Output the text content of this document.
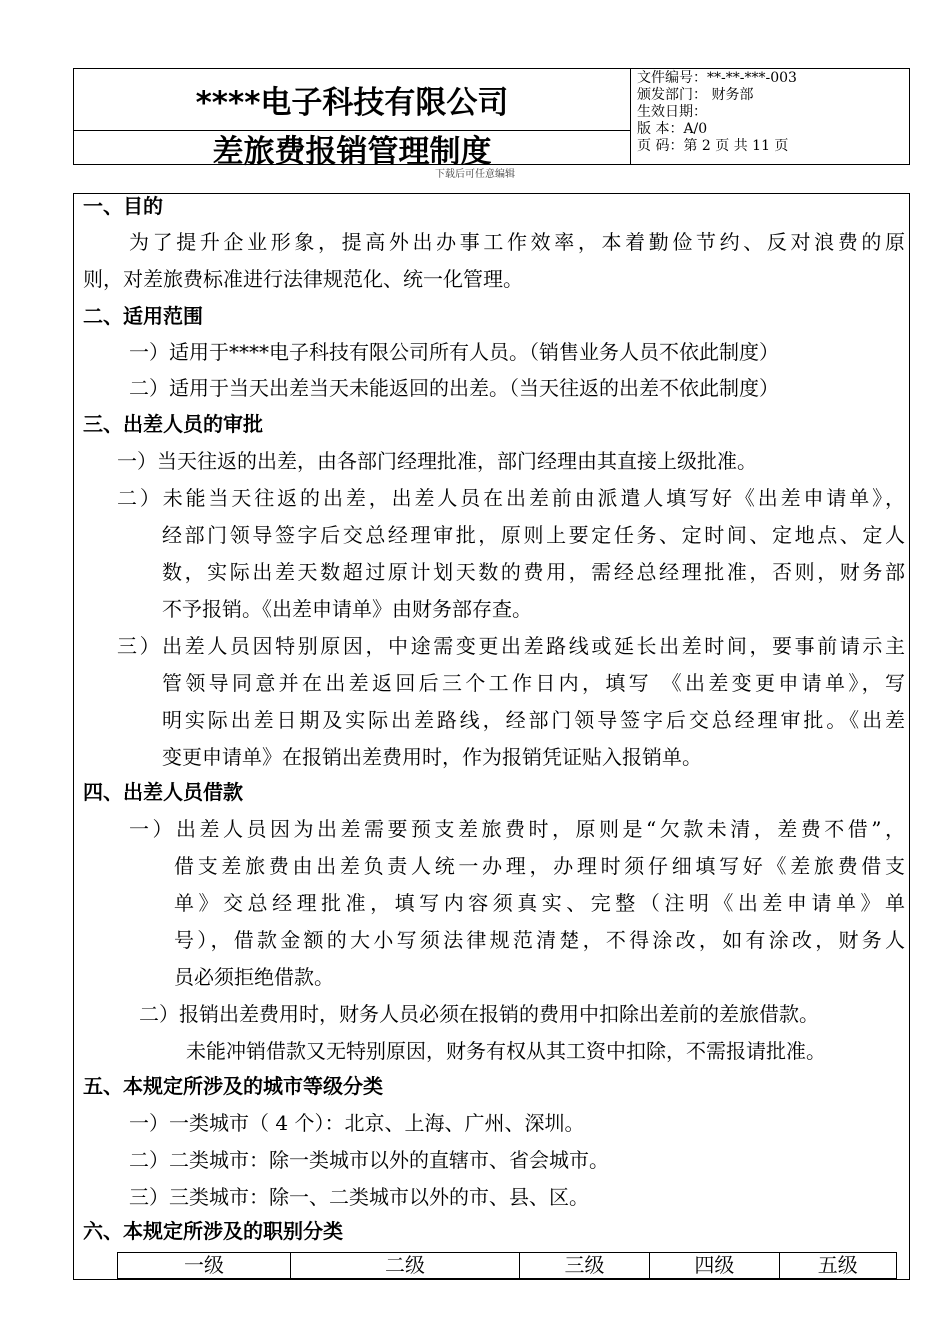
****电子科技有限公司
差旅费报销管理制度
文件编号：**-**-***-003
颁发部门： 财务部
生效日期：
版 本：A/0
页 码：第 2 页 共 11 页
下载后可任意编辑
一、目的
为了提升企业形象，提高外出办事工作效率，本着勤俭节约、反对浪费的原
则，对差旅费标准进行法律规范化、统一化管理。
二、适用范围
一）适用于****电子科技有限公司所有人员。（销售业务人员不依此制度）
二）适用于当天出差当天未能返回的出差。（当天往返的出差不依此制度）
三、出差人员的审批
一）当天往返的出差，由各部门经理批准，部门经理由其直接上级批准。
二）未能当天往返的出差，出差人员在出差前由派遣人填写好《出差申请单》，
经部门领导签字后交总经理审批，原则上要定任务、定时间、定地点、定人
数，实际出差天数超过原计划天数的费用，需经总经理批准，否则，财务部
不予报销。《出差申请单》由财务部存查。
三）出差人员因特别原因，中途需变更出差路线或延长出差时间，要事前请示主
管领导同意并在出差返回后三个工作日内，填写 《出差变更申请单》，写
明实际出差日期及实际出差路线，经部门领导签字后交总经理审批。《出差
变更申请单》在报销出差费用时，作为报销凭证贴入报销单。
四、出差人员借款
一）出差人员因为出差需要预支差旅费时，原则是“欠款未清，差费不借”，
借支差旅费由出差负责人统一办理，办理时须仔细填写好《差旅费借支
单》交总经理批准，填写内容须真实、完整（注明《出差申请单》单
号），借款金额的大小写须法律规范清楚，不得涂改，如有涂改，财务人
员必须拒绝借款。
二）报销出差费用时，财务人员必须在报销的费用中扣除出差前的差旅借款。
未能冲销借款又无特别原因，财务有权从其工资中扣除，不需报请批准。
五、本规定所涉及的城市等级分类
一）一类城市（ 4 个）：北京、上海、广州、深圳。
二）二类城市：除一类城市以外的直辖市、省会城市。
三）三类城市：除一、二类城市以外的市、县、区。
六、本规定所涉及的职别分类
一级	二级	三级	四级	五级
